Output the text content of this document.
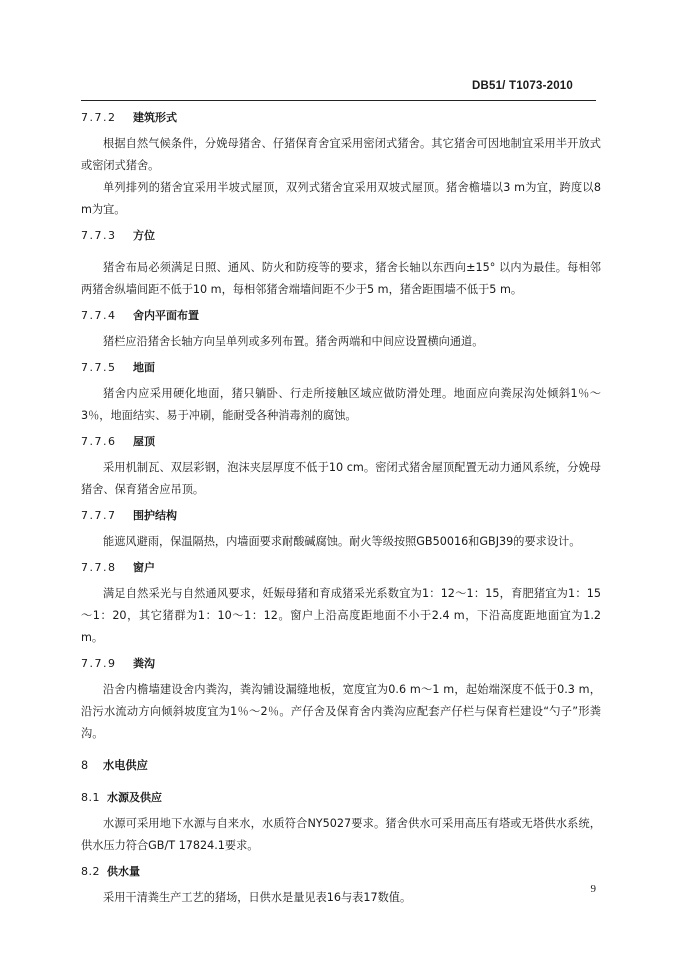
DB51/ T1073-2010
7.7.2 建筑形式

根据自然气候条件，分娩母猪舍、仔猪保育舍宜采用密闭式猪舍。其它猪舍可因地制宜采用半开放式或密闭式猪舍。

单列排列的猪舍宜采用半坡式屋顶，双列式猪舍宜采用双坡式屋顶。猪舍檐墙以3 m为宜，跨度以8 m为宜。

7.7.3 方位

猪舍布局必须满足日照、通风、防火和防疫等的要求，猪舍长轴以东西向±15° 以内为最佳。每相邻两猪舍纵墙间距不低于10 m，每相邻猪舍端墙间距不少于5 m，猪舍距围墙不低于5 m。

7.7.4 舍内平面布置

猪栏应沿猪舍长轴方向呈单列或多列布置。猪舍两端和中间应设置横向通道。

7.7.5 地面

猪舍内应采用硬化地面，猪只躺卧、行走所接触区域应做防滑处理。地面应向粪尿沟处倾斜1％～3％，地面结实、易于冲刷，能耐受各种消毒剂的腐蚀。

7.7.6 屋顶

采用机制瓦、双层彩钢，泡沫夹层厚度不低于10 cm。密闭式猪舍屋顶配置无动力通风系统，分娩母猪舍、保育猪舍应吊顶。

7.7.7 围护结构

能遮风避雨，保温隔热，内墙面要求耐酸碱腐蚀。耐火等级按照GB50016和GBJ39的要求设计。

7.7.8 窗户

满足自然采光与自然通风要求，妊娠母猪和育成猪采光系数宜为1：12～1：15，育肥猪宜为1：15～1：20，其它猪群为1：10～1：12。窗户上沿高度距地面不小于2.4 m，下沿高度距地面宜为1.2 m。

7.7.9 粪沟

沿舍内檐墙建设舍内粪沟，粪沟铺设漏缝地板，宽度宜为0.6 m～1 m，起始端深度不低于0.3 m，沿污水流动方向倾斜坡度宜为1％～2％。产仔舍及保育舍内粪沟应配套产仔栏与保育栏建设“勺子”形粪沟。

8 水电供应
8.1 水源及供应

水源可采用地下水源与自来水，水质符合NY5027要求。猪舍供水可采用高压有塔或无塔供水系统，供水压力符合GB/T 17824.1要求。

8.2 供水量

采用干清粪生产工艺的猪场，日供水是量见表16与表17数值。

9
